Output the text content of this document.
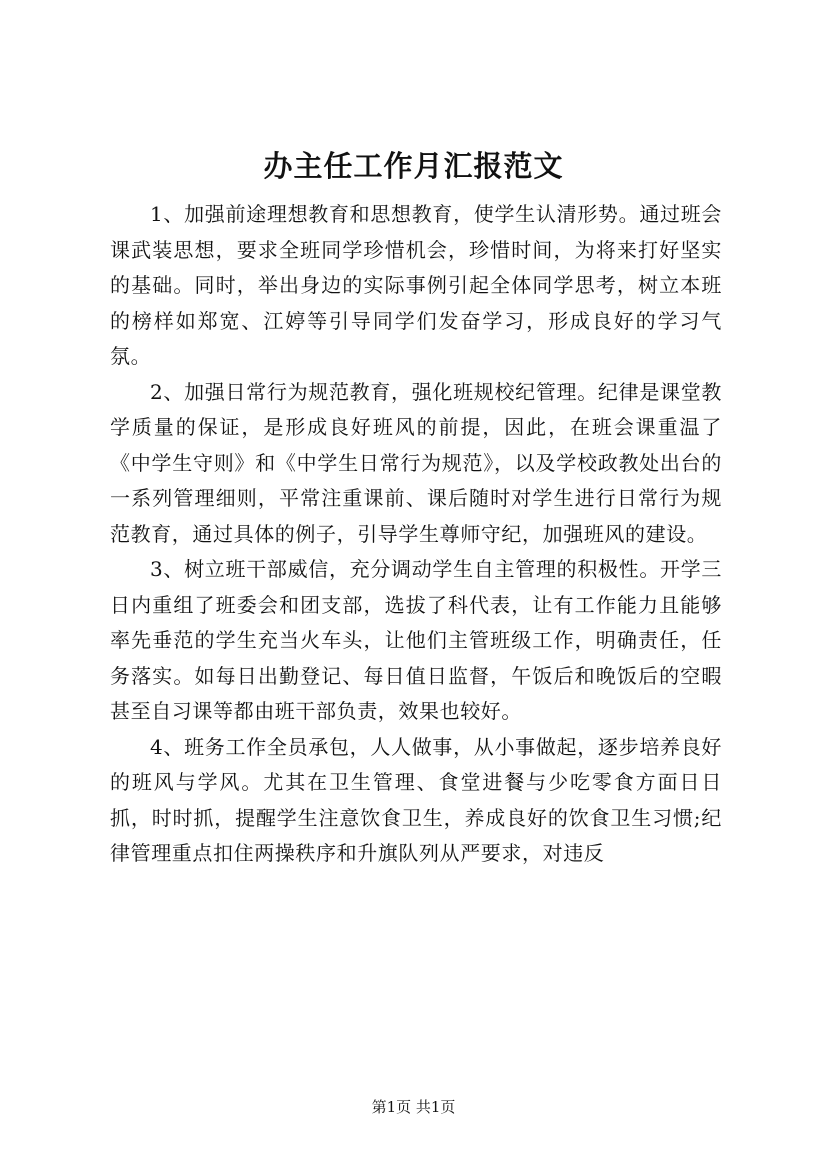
办主任工作月汇报范文

1、加强前途理想教育和思想教育，使学生认清形势。通过班会课武装思想，要求全班同学珍惜机会，珍惜时间，为将来打好坚实的基础。同时，举出身边的实际事例引起全体同学思考，树立本班的榜样如郑宽、江婷等引导同学们发奋学习，形成良好的学习气氛。

2、加强日常行为规范教育，强化班规校纪管理。纪律是课堂教学质量的保证，是形成良好班风的前提，因此，在班会课重温了《中学生守则》和《中学生日常行为规范》，以及学校政教处出台的一系列管理细则，平常注重课前、课后随时对学生进行日常行为规范教育，通过具体的例子，引导学生尊师守纪，加强班风的建设。

3、树立班干部威信，充分调动学生自主管理的积极性。开学三日内重组了班委会和团支部，选拔了科代表，让有工作能力且能够率先垂范的学生充当火车头，让他们主管班级工作，明确责任，任务落实。如每日出勤登记、每日值日监督，午饭后和晚饭后的空暇甚至自习课等都由班干部负责，效果也较好。

4、班务工作全员承包，人人做事，从小事做起，逐步培养良好的班风与学风。尤其在卫生管理、食堂进餐与少吃零食方面日日抓，时时抓，提醒学生注意饮食卫生，养成良好的饮食卫生习惯;纪律管理重点扣住两操秩序和升旗队列从严要求，对违反

第1页 共1页
